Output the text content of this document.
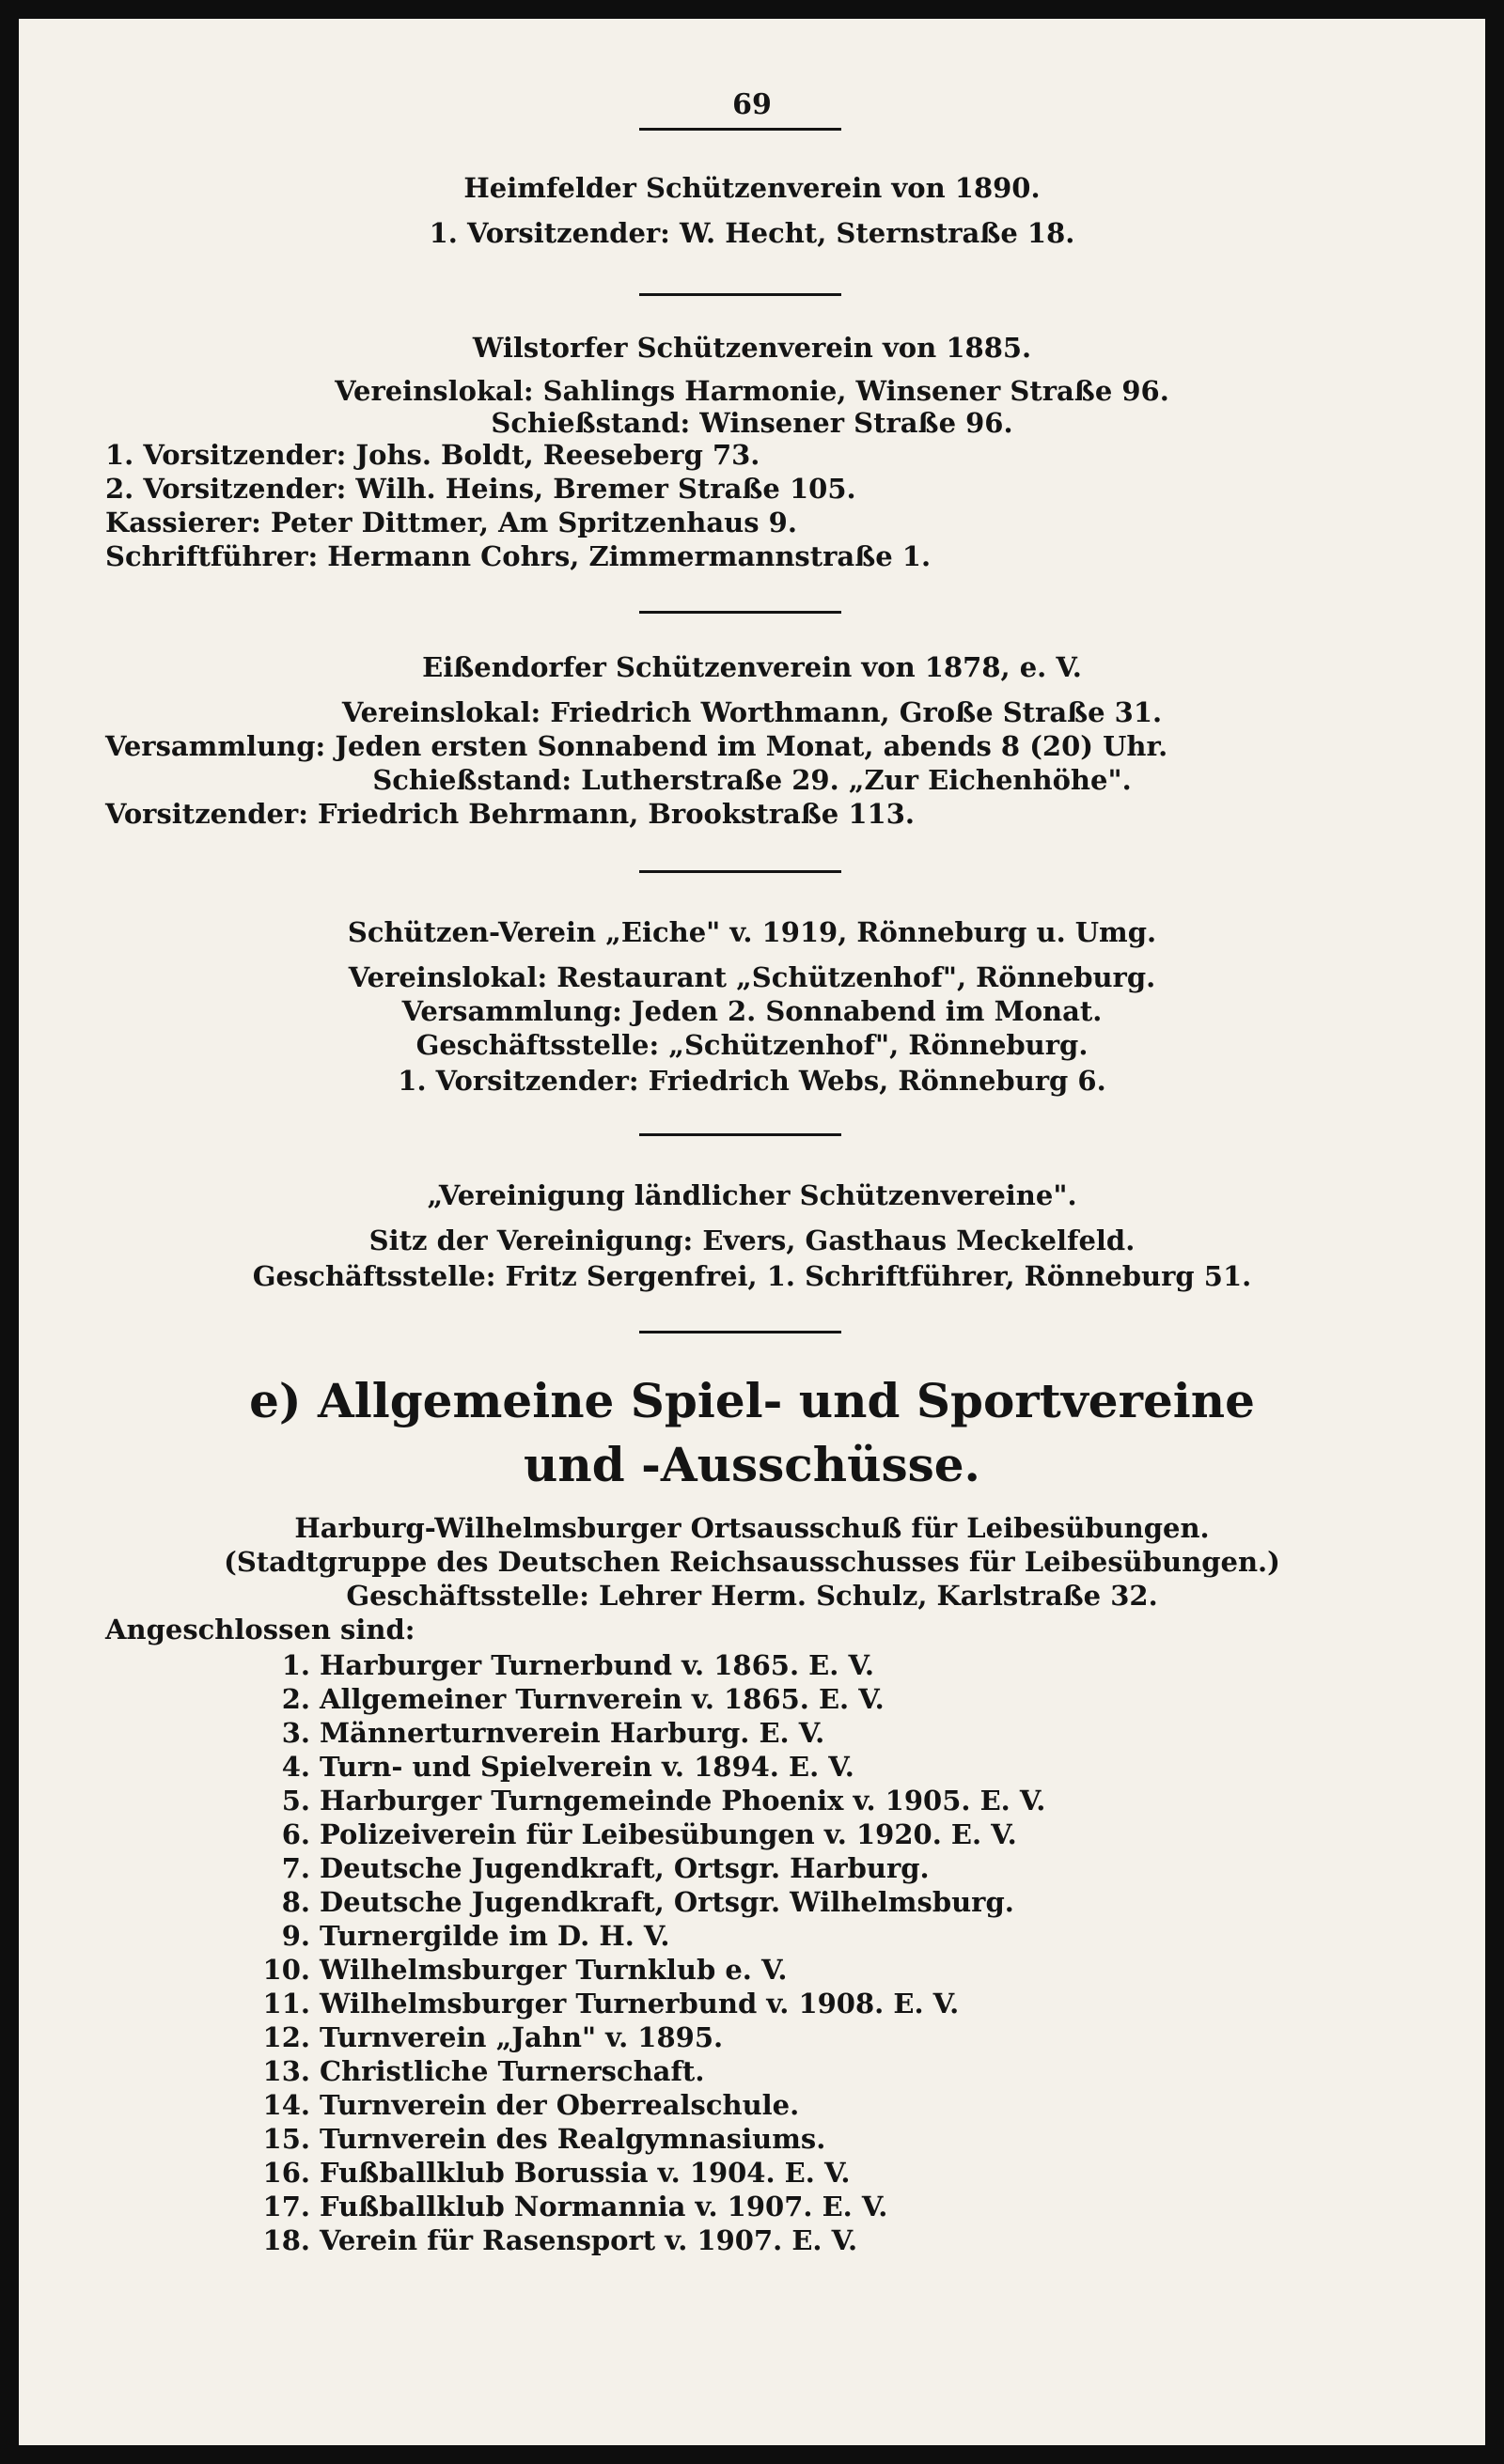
69
Heimfelder Schützenverein von 1890.
1. Vorsitzender: W. Hecht, Sternstraße 18.
Wilstorfer Schützenverein von 1885.
Vereinslokal: Sahlings Harmonie, Winsener Straße 96.
Schießstand: Winsener Straße 96.
1. Vorsitzender: Johs. Boldt, Reeseberg 73.
2. Vorsitzender: Wilh. Heins, Bremer Straße 105.
Kassierer: Peter Dittmer, Am Spritzenhaus 9.
Schriftführer: Hermann Cohrs, Zimmermannstraße 1.
Eißendorfer Schützenverein von 1878, e. V.
Vereinslokal: Friedrich Worthmann, Große Straße 31.
Versammlung: Jeden ersten Sonnabend im Monat, abends 8 (20) Uhr.
Schießstand: Lutherstraße 29. „Zur Eichenhöhe".
Vorsitzender: Friedrich Behrmann, Brookstraße 113.
Schützen-Verein „Eiche" v. 1919, Rönneburg u. Umg.
Vereinslokal: Restaurant „Schützenhof", Rönneburg.
Versammlung: Jeden 2. Sonnabend im Monat.
Geschäftsstelle: „Schützenhof", Rönneburg.
1. Vorsitzender: Friedrich Webs, Rönneburg 6.
„Vereinigung ländlicher Schützenvereine".
Sitz der Vereinigung: Evers, Gasthaus Meckelfeld.
Geschäftsstelle: Fritz Sergenfrei, 1. Schriftführer, Rönneburg 51.
e) Allgemeine Spiel- und Sportvereine
und -Ausschüsse.
Harburg-Wilhelmsburger Ortsausschuß für Leibesübungen.
(Stadtgruppe des Deutschen Reichsausschusses für Leibesübungen.)
Geschäftsstelle: Lehrer Herm. Schulz, Karlstraße 32.
Angeschlossen sind:
1. Harburger Turnerbund v. 1865. E. V.
2. Allgemeiner Turnverein v. 1865. E. V.
3. Männerturnverein Harburg. E. V.
4. Turn- und Spielverein v. 1894. E. V.
5. Harburger Turngemeinde Phoenix v. 1905. E. V.
6. Polizeiverein für Leibesübungen v. 1920. E. V.
7. Deutsche Jugendkraft, Ortsgr. Harburg.
8. Deutsche Jugendkraft, Ortsgr. Wilhelmsburg.
9. Turnergilde im D. H. V.
10. Wilhelmsburger Turnklub e. V.
11. Wilhelmsburger Turnerbund v. 1908. E. V.
12. Turnverein „Jahn" v. 1895.
13. Christliche Turnerschaft.
14. Turnverein der Oberrealschule.
15. Turnverein des Realgymnasiums.
16. Fußballklub Borussia v. 1904. E. V.
17. Fußballklub Normannia v. 1907. E. V.
18. Verein für Rasensport v. 1907. E. V.
